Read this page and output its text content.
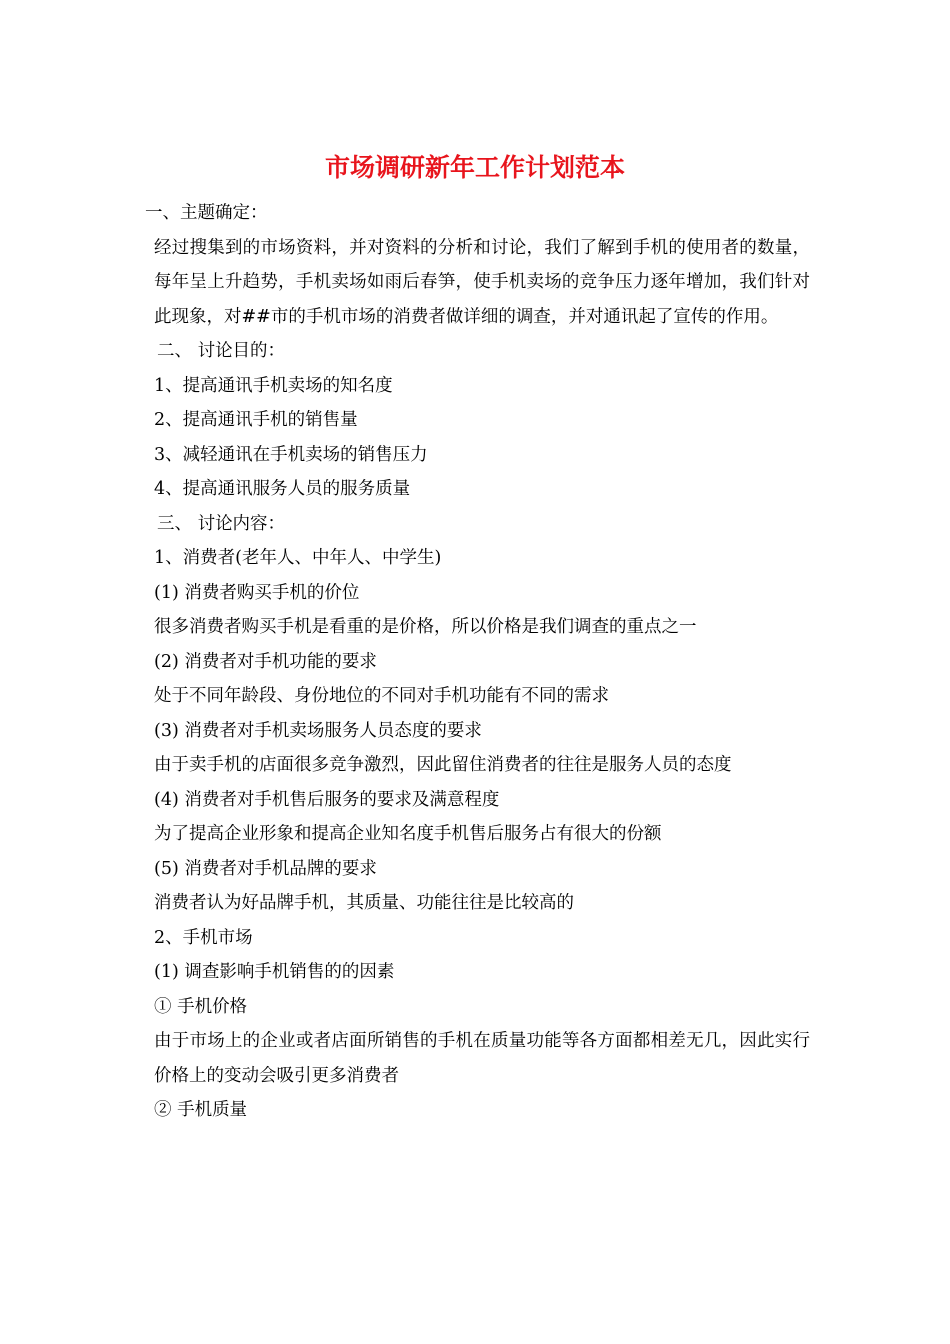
市场调研新年工作计划范本

一、主题确定：

经过搜集到的市场资料，并对资料的分析和讨论，我们了解到手机的使用者的数量，每年呈上升趋势，手机卖场如雨后春笋，使手机卖场的竞争压力逐年增加，我们针对此现象，对##市的手机市场的消费者做详细的调查，并对通讯起了宣传的作用。

二、 讨论目的：

1、提高通讯手机卖场的知名度

2、提高通讯手机的销售量

3、减轻通讯在手机卖场的销售压力

4、提高通讯服务人员的服务质量

三、 讨论内容：

1、消费者(老年人、中年人、中学生)

(1) 消费者购买手机的价位

很多消费者购买手机是看重的是价格，所以价格是我们调查的重点之一

(2) 消费者对手机功能的要求

处于不同年龄段、身份地位的不同对手机功能有不同的需求

(3) 消费者对手机卖场服务人员态度的要求

由于卖手机的店面很多竞争激烈，因此留住消费者的往往是服务人员的态度

(4) 消费者对手机售后服务的要求及满意程度

为了提高企业形象和提高企业知名度手机售后服务占有很大的份额

(5) 消费者对手机品牌的要求

消费者认为好品牌手机，其质量、功能往往是比较高的

2、手机市场

(1) 调查影响手机销售的的因素

① 手机价格

由于市场上的企业或者店面所销售的手机在质量功能等各方面都相差无几，因此实行价格上的变动会吸引更多消费者

② 手机质量
